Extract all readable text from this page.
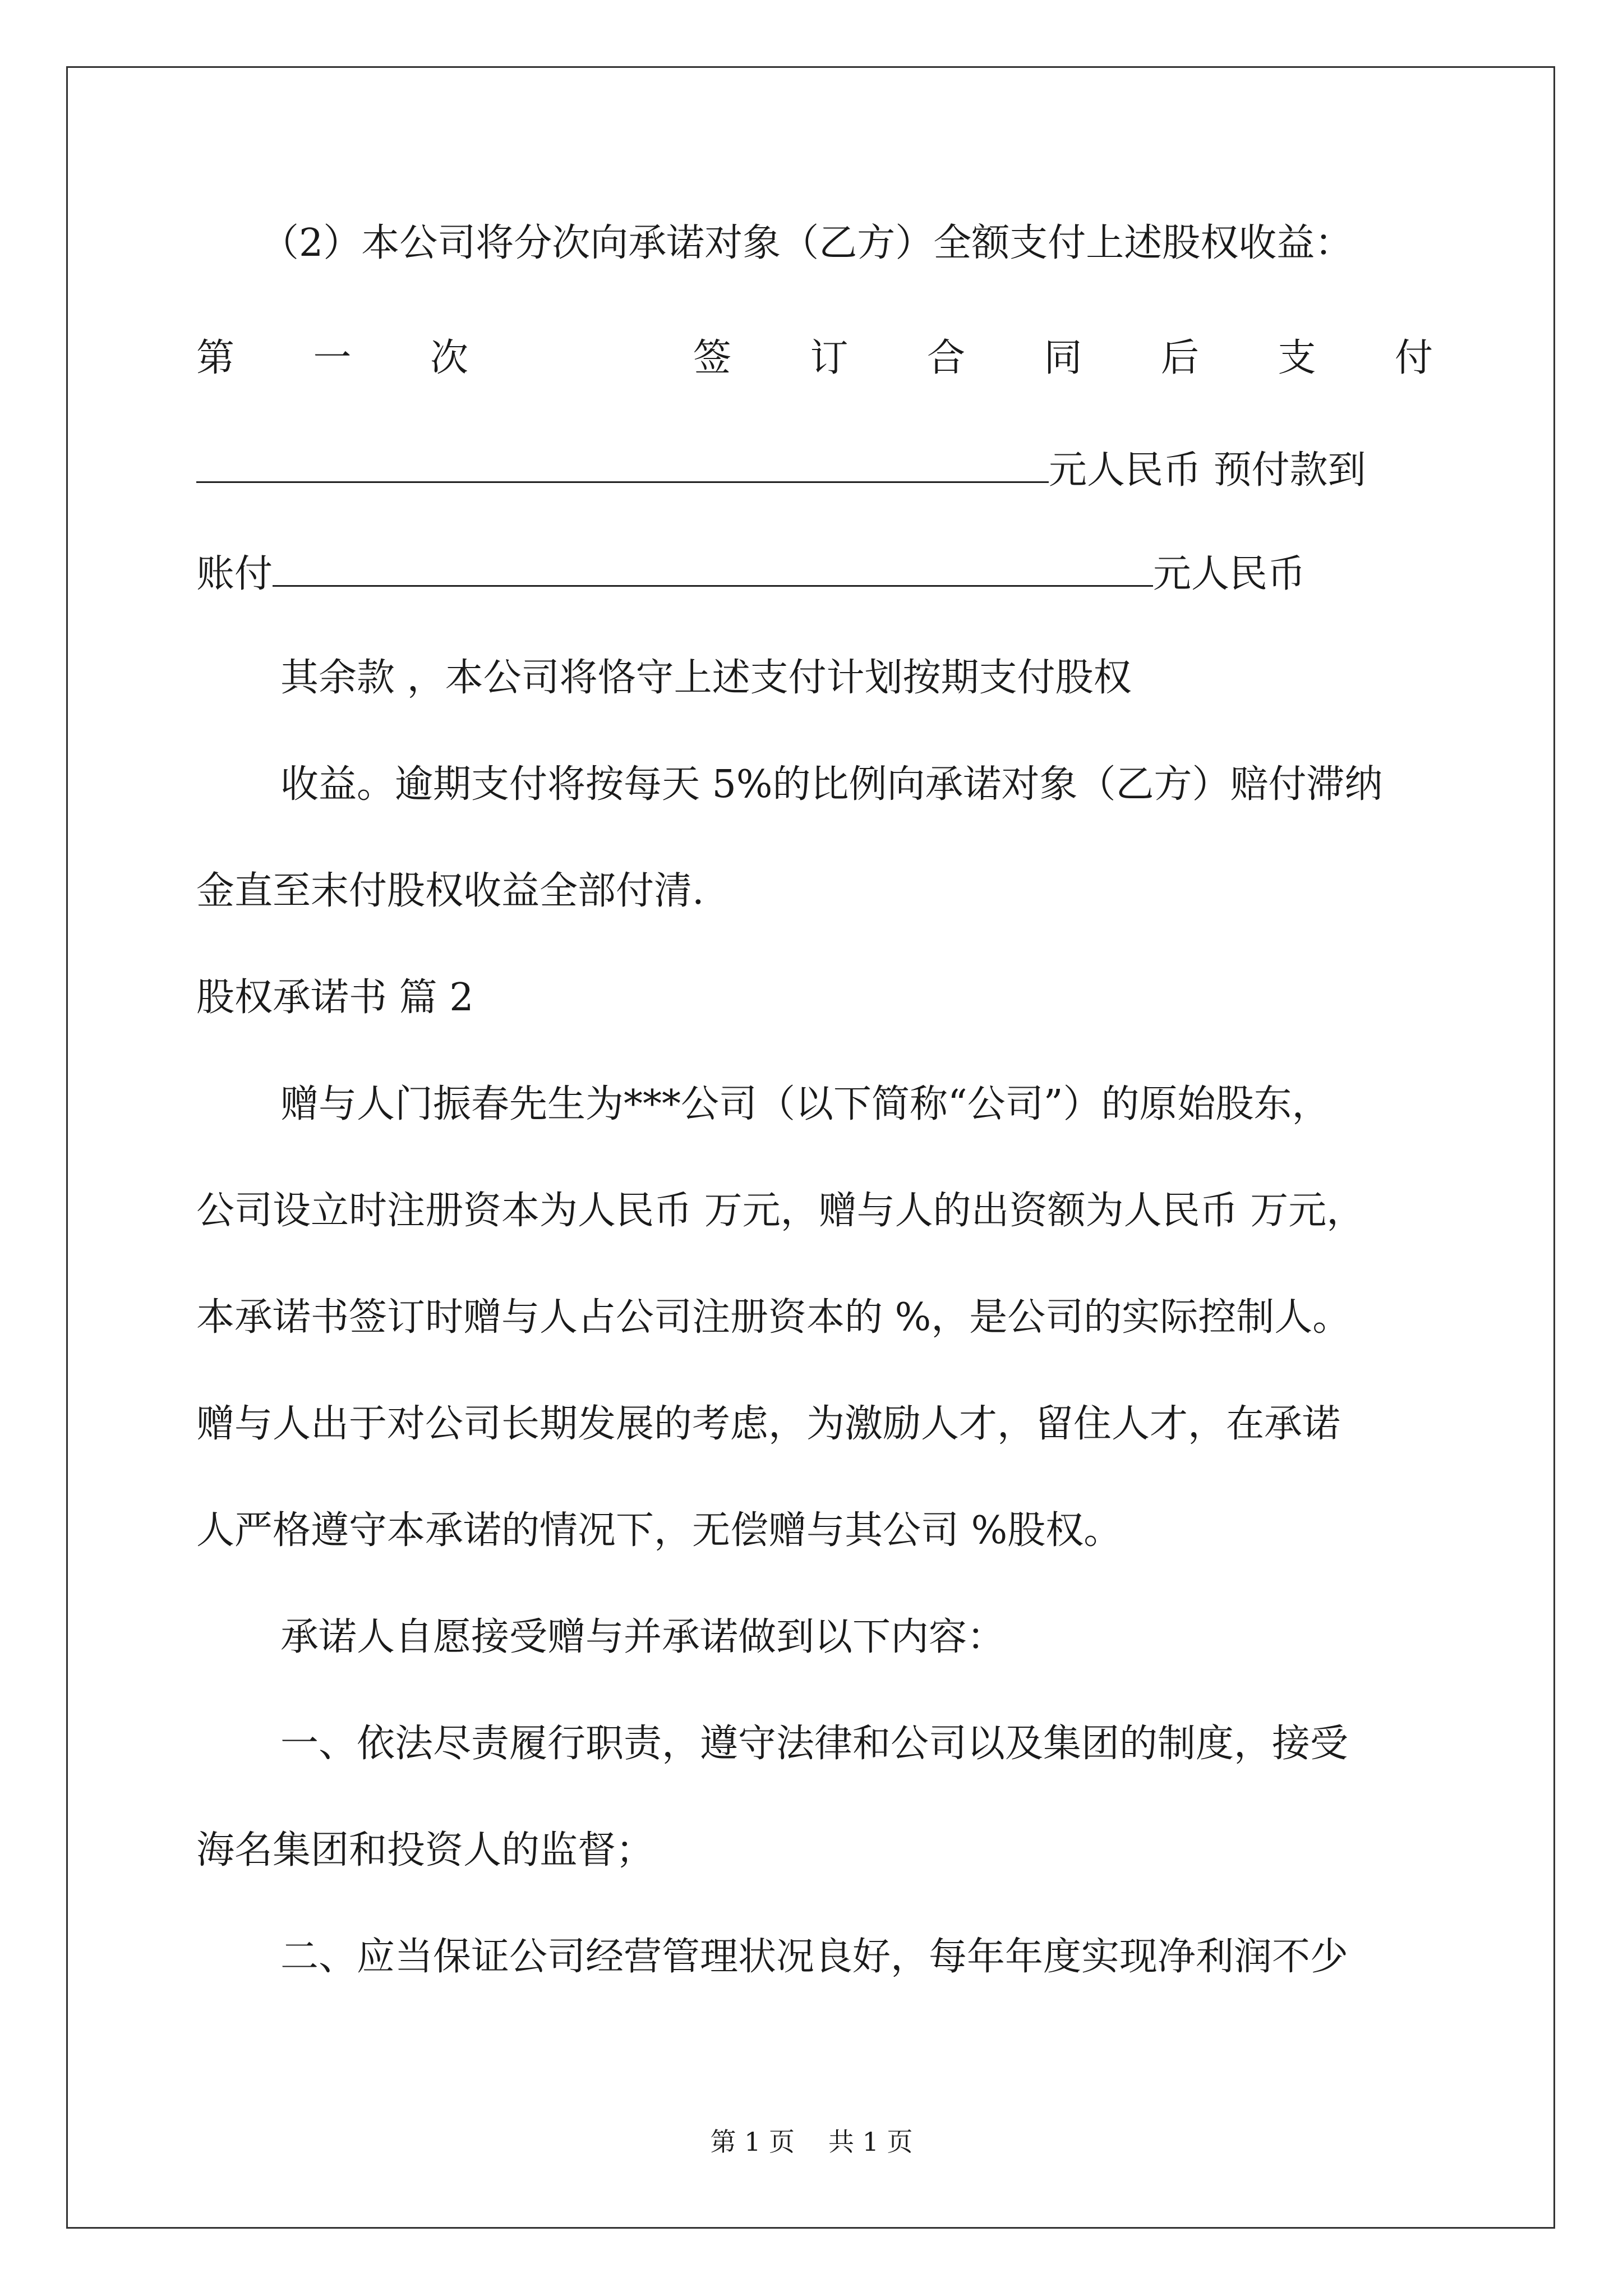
（2）本公司将分次向承诺对象（乙方）全额支付上述股权收益：

第 一 次	签 订 合 同 后 支 付

元人民币 预付款到

账付	元人民币

其余款 ，本公司将恪守上述支付计划按期支付股权

收益。逾期支付将按每天 5%的比例向承诺对象（乙方）赔付滞纳

金直至末付股权收益全部付清.

股权承诺书 篇 2

赠与人门振春先生为***公司（以下简称“公司”）的原始股东，

公司设立时注册资本为人民币 万元，赠与人的出资额为人民币 万元，

本承诺书签订时赠与人占公司注册资本的 %，是公司的实际控制人。

赠与人出于对公司长期发展的考虑，为激励人才，留住人才，在承诺

人严格遵守本承诺的情况下，无偿赠与其公司 %股权。

承诺人自愿接受赠与并承诺做到以下内容：

一、依法尽责履行职责，遵守法律和公司以及集团的制度，接受

海名集团和投资人的监督；

二、应当保证公司经营管理状况良好，每年年度实现净利润不少

第 1 页 共 1 页
